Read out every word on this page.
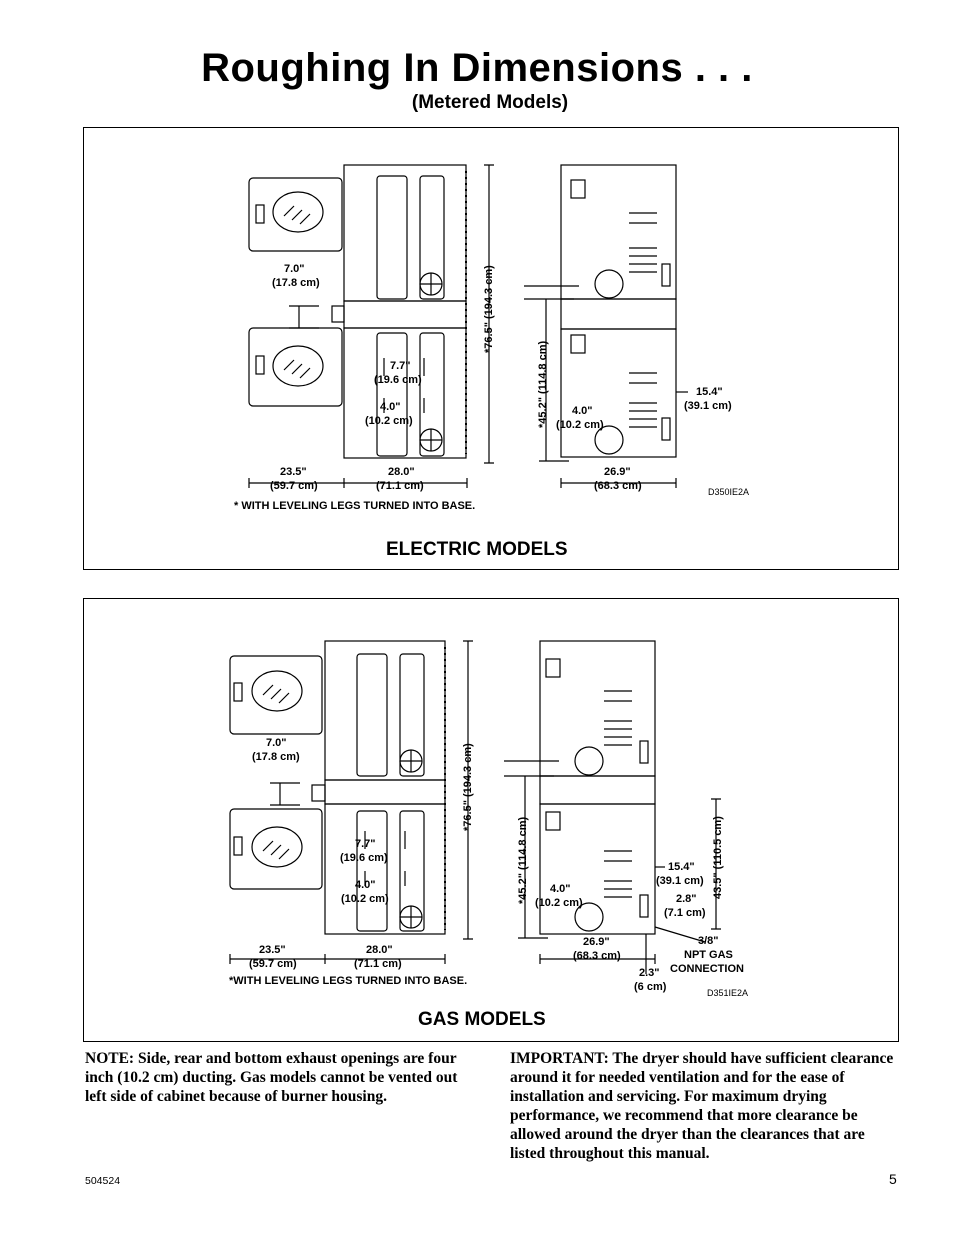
Roughing In Dimensions . . .
(Metered Models)
7.0"
(17.8 cm)
7.7"
(19.6 cm)
4.0"
(10.2 cm)
23.5"
(59.7 cm)
28.0"
(71.1 cm)
*76.5" (194.3 cm)
*45.2" (114.8 cm) 4.0"
(10.2 cm)
15.4"
(39.1 cm)
26.9"
(68.3 cm)	D350IE2A
* WITH LEVELING LEGS TURNED INTO BASE.
ELECTRIC MODELS
7.0"
(17.8 cm)
7.7"
(19.6 cm)
4.0"
(10.2 cm)
23.5"
(59.7 cm)
28.0"
(71.1 cm)
*76.5" (194.3 cm)
*45.2" (114.8 cm) 4.0"
(10.2 cm)
15.4"
(39.1 cm) 43.5" (110.5 cm)
2.8"
(7.1 cm)
26.9"
(68.3 cm)
2.3"
(6 cm)
3/8"
NPT GAS
CONNECTION
D351IE2A
*WITH LEVELING LEGS TURNED INTO BASE.
GAS MODELS

NOTE: Side, rear and bottom exhaust openings are four inch (10.2 cm) ducting. Gas models cannot be vented out left side of cabinet because of burner housing.

IMPORTANT: The dryer should have sufficient clearance around it for needed ventilation and for the ease of installation and servicing. For maximum drying performance, we recommend that more clearance be allowed around the dryer than the clearances that are listed throughout this manual.

504524	5
